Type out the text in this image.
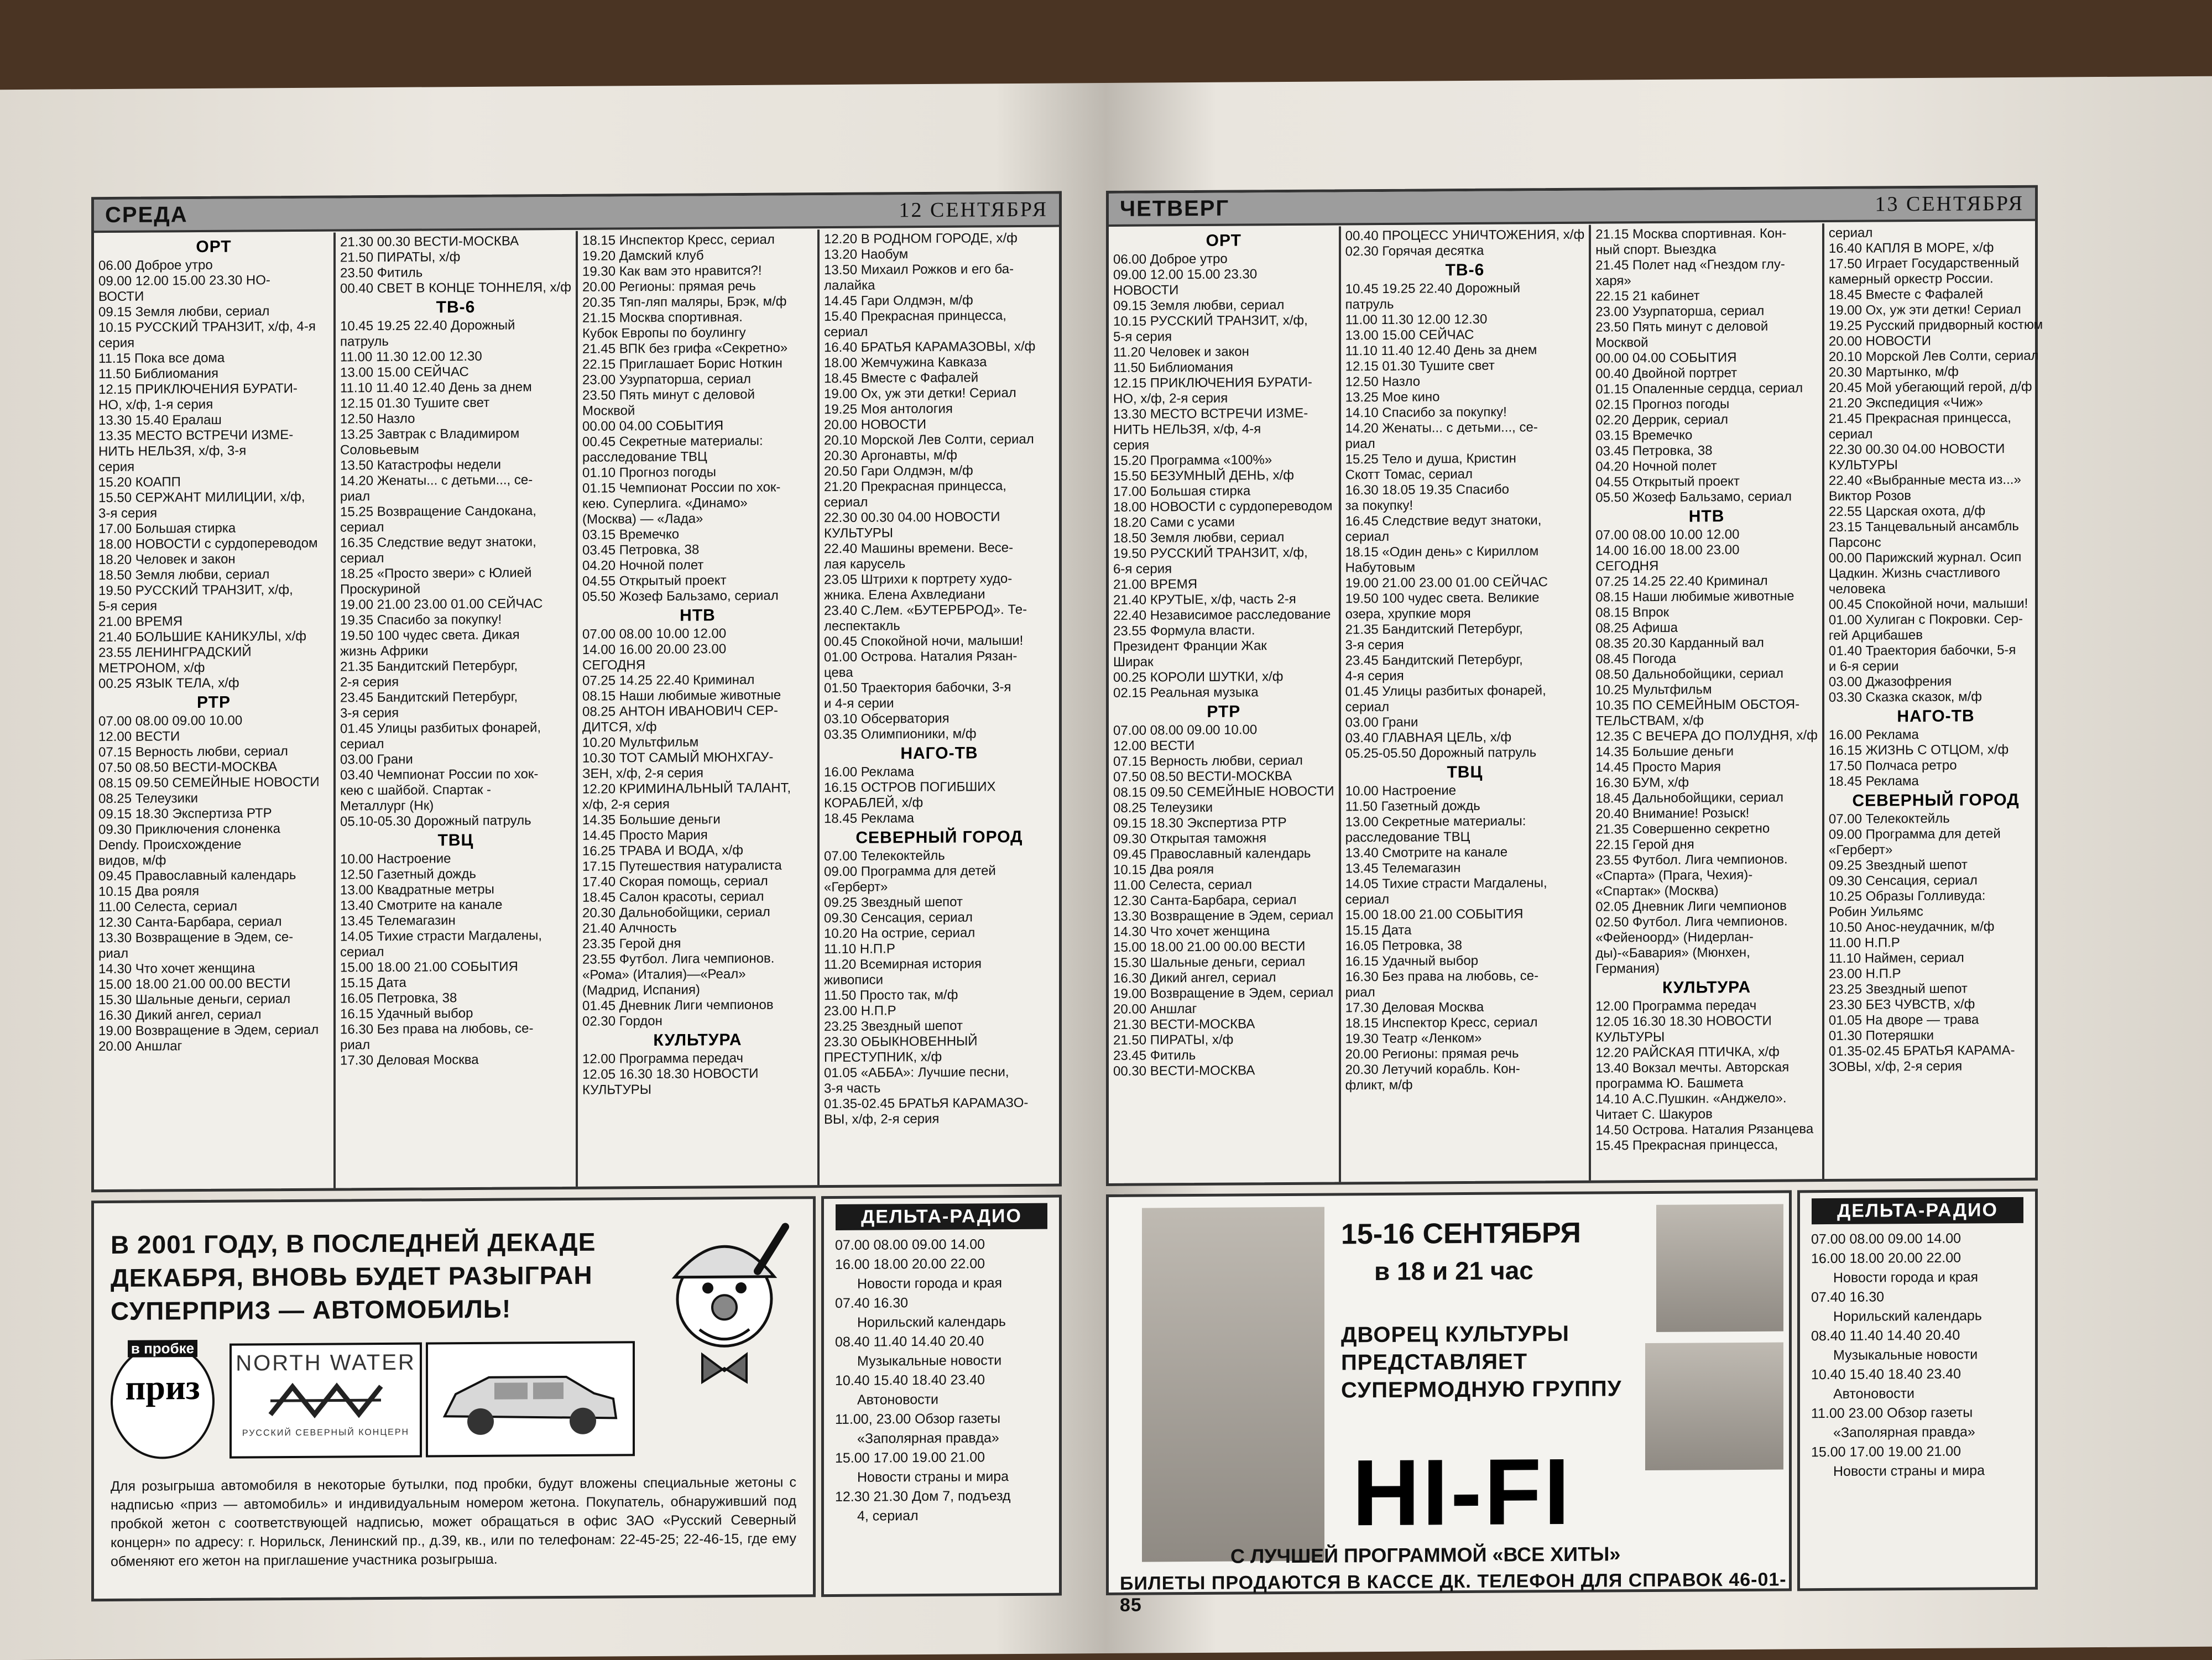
СРЕДА	12 СЕНТЯБРЯ
ОРТ
06.00 Доброе утро
09.00 12.00 15.00 23.30 НО-
ВОСТИ
09.15 Земля любви, сериал
10.15 РУССКИЙ ТРАНЗИТ, х/ф, 4-я
серия
11.15 Пока все дома
11.50 Библиомания
12.15 ПРИКЛЮЧЕНИЯ БУРАТИ-
НО, х/ф, 1-я серия
13.30 15.40 Ералаш
13.35 МЕСТО ВСТРЕЧИ ИЗМЕ-
НИТЬ НЕЛЬЗЯ, х/ф, 3-я
серия
15.20 КОАПП
15.50 СЕРЖАНТ МИЛИЦИИ, х/ф,
3-я серия
17.00 Большая стирка
18.00 НОВОСТИ с сурдопереводом
18.20 Человек и закон
18.50 Земля любви, сериал
19.50 РУССКИЙ ТРАНЗИТ, х/ф,
5-я серия
21.00 ВРЕМЯ
21.40 БОЛЬШИЕ КАНИКУЛЫ, х/ф
23.55 ЛЕНИНГРАДСКИЙ
МЕТРОНОМ, х/ф
00.25 ЯЗЫК ТЕЛА, х/ф
РТР
07.00 08.00 09.00 10.00
12.00 ВЕСТИ
07.15 Верность любви, сериал
07.50 08.50 ВЕСТИ-МОСКВА
08.15 09.50 СЕМЕЙНЫЕ НОВОСТИ
08.25 Телеузики
09.15 18.30 Экспертиза РТР
09.30 Приключения слоненка
Dendy. Происхождение
видов, м/ф
09.45 Православный календарь
10.15 Два рояля
11.00 Селеста, сериал
12.30 Санта-Барбара, сериал
13.30 Возвращение в Эдем, се-
риал
14.30 Что хочет женщина
15.00 18.00 21.00 00.00 ВЕСТИ
15.30 Шальные деньги, сериал
16.30 Дикий ангел, сериал
19.00 Возвращение в Эдем, сериал
20.00 Аншлаг
21.30 00.30 ВЕСТИ-МОСКВА
21.50 ПИРАТЫ, х/ф
23.50 Фитиль
00.40 СВЕТ В КОНЦЕ ТОННЕЛЯ, х/ф
ТВ-6
10.45 19.25 22.40 Дорожный
патруль
11.00 11.30 12.00 12.30
13.00 15.00 СЕЙЧАС
11.10 11.40 12.40 День за днем
12.15 01.30 Тушите свет
12.50 Назло
13.25 Завтрак с Владимиром
Соловьевым
13.50 Катастрофы недели
14.20 Женаты... с детьми..., се-
риал
15.25 Возвращение Сандокана,
сериал
16.35 Следствие ведут знатоки,
сериал
18.25 «Просто звери» с Юлией
Проскуриной
19.00 21.00 23.00 01.00 СЕЙЧАС
19.35 Спасибо за покупку!
19.50 100 чудес света. Дикая
жизнь Африки
21.35 Бандитский Петербург,
2-я серия
23.45 Бандитский Петербург,
3-я серия
01.45 Улицы разбитых фонарей,
сериал
03.00 Грани
03.40 Чемпионат России по хок-
кею с шайбой. Спартак -
Металлург (Нк)
05.10-05.30 Дорожный патруль
ТВЦ
10.00 Настроение
12.50 Газетный дождь
13.00 Квадратные метры
13.40 Смотрите на канале
13.45 Телемагазин
14.05 Тихие страсти Магдалены,
сериал
15.00 18.00 21.00 СОБЫТИЯ
15.15 Дата
16.05 Петровка, 38
16.15 Удачный выбор
16.30 Без права на любовь, се-
риал
17.30 Деловая Москва
18.15 Инспектор Кресс, сериал
19.20 Дамский клуб
19.30 Как вам это нравится?!
20.00 Регионы: прямая речь
20.35 Тяп-ляп маляры, Брэк, м/ф
21.15 Москва спортивная.
Кубок Европы по боулингу
21.45 ВПК без грифа «Секретно»
22.15 Приглашает Борис Ноткин
23.00 Узурпаторша, сериал
23.50 Пять минут с деловой
Москвой
00.00 04.00 СОБЫТИЯ
00.45 Секретные материалы:
расследование ТВЦ
01.10 Прогноз погоды
01.15 Чемпионат России по хок-
кею. Суперлига. «Динамо»
(Москва) — «Лада»
03.15 Времечко
03.45 Петровка, 38
04.20 Ночной полет
04.55 Открытый проект
05.50 Жозеф Бальзамо, сериал
НТВ
07.00 08.00 10.00 12.00
14.00 16.00 20.00 23.00
СЕГОДНЯ
07.25 14.25 22.40 Криминал
08.15 Наши любимые животные
08.25 АНТОН ИВАНОВИЧ СЕР-
ДИТСЯ, х/ф
10.20 Мультфильм
10.30 ТОТ САМЫЙ МЮНХГАУ-
ЗЕН, х/ф, 2-я серия
12.20 КРИМИНАЛЬНЫЙ ТАЛАНТ,
х/ф, 2-я серия
14.35 Большие деньги
14.45 Просто Мария
16.25 ТРАВА И ВОДА, х/ф
17.15 Путешествия натуралиста
17.40 Скорая помощь, сериал
18.45 Салон красоты, сериал
20.30 Дальнобойщики, сериал
21.40 Алчность
23.35 Герой дня
23.55 Футбол. Лига чемпионов.
«Рома» (Италия)—«Реал»
(Мадрид, Испания)
01.45 Дневник Лиги чемпионов
02.30 Гордон
КУЛЬТУРА
12.00 Программа передач
12.05 16.30 18.30 НОВОСТИ
КУЛЬТУРЫ
12.20 В РОДНОМ ГОРОДЕ, х/ф
13.20 Наобум
13.50 Михаил Рожков и его ба-
лалайка
14.45 Гари Олдмэн, м/ф
15.40 Прекрасная принцесса,
сериал
16.40 БРАТЬЯ КАРАМАЗОВЫ, х/ф
18.00 Жемчужина Кавказа
18.45 Вместе с Фафалей
19.00 Ох, уж эти детки! Сериал
19.25 Моя антология
20.00 НОВОСТИ
20.10 Морской Лев Солти, сериал
20.30 Аргонавты, м/ф
20.50 Гари Олдмэн, м/ф
21.20 Прекрасная принцесса,
сериал
22.30 00.30 04.00 НОВОСТИ
КУЛЬТУРЫ
22.40 Машины времени. Весе-
лая карусель
23.05 Штрихи к портрету худо-
жника. Елена Ахвледиани
23.40 С.Лем. «БУТЕРБРОД». Те-
леспектакль
00.45 Спокойной ночи, малыши!
01.00 Острова. Наталия Рязан-
цева
01.50 Траектория бабочки, 3-я
и 4-я серии
03.10 Обсерватория
03.35 Олимпионики, м/ф
НАГО-ТВ
16.00 Реклама
16.15 ОСТРОВ ПОГИБШИХ
КОРАБЛЕЙ, х/ф
18.45 Реклама
СЕВЕРНЫЙ ГОРОД
07.00 Телекоктейль
09.00 Программа для детей
«Герберт»
09.25 Звездный шепот
09.30 Сенсация, сериал
10.20 На острие, сериал
11.10 Н.П.Р
11.20 Всемирная история
живописи
11.50 Просто так, м/ф
23.00 Н.П.Р
23.25 Звездный шепот
23.30 ОБЫКНОВЕННЫЙ
ПРЕСТУПНИК, х/ф
01.05 «АББА»: Лучшие песни,
3-я часть
01.35-02.45 БРАТЬЯ КАРАМАЗО-
ВЫ, х/ф, 2-я серия
В 2001 ГОДУ, В ПОСЛЕДНЕЙ ДЕКАДЕ
ДЕКАБРЯ, ВНОВЬ БУДЕТ РАЗЫГРАН
СУПЕРПРИЗ — АВТОМОБИЛЬ!
в пробке
приз
NORTH WATER
РУССКИЙ СЕВЕРНЫЙ КОНЦЕРН
Для розыгрыша автомобиля в некоторые бутылки, под пробки, будут вложены специальные жетоны с надписью «приз — автомобиль» и индивидуальным номером жетона. Покупатель, обнаруживший под пробкой жетон с соответствующей надписью, может обращаться в офис ЗАО «Русский Северный концерн» по адресу: г. Норильск, Ленинский пр., д.39, кв., или по телефонам: 22-45-25; 22-46-15, где ему обменяют его жетон на приглашение участника розыгрыша.
ДЕЛЬТА-РАДИО
07.00 08.00 09.00 14.00
16.00 18.00 20.00 22.00
Новости города и края
07.40 16.30
Норильский календарь
08.40 11.40 14.40 20.40
Музыкальные новости
10.40 15.40 18.40 23.40
Автоновости
11.00, 23.00 Обзор газеты
«Заполярная правда»
15.00 17.00 19.00 21.00
Новости страны и мира
12.30 21.30 Дом 7, подъезд
4, сериал
ЧЕТВЕРГ	13 СЕНТЯБРЯ
ОРТ
06.00 Доброе утро
09.00 12.00 15.00 23.30
НОВОСТИ
09.15 Земля любви, сериал
10.15 РУССКИЙ ТРАНЗИТ, х/ф,
5-я серия
11.20 Человек и закон
11.50 Библиомания
12.15 ПРИКЛЮЧЕНИЯ БУРАТИ-
НО, х/ф, 2-я серия
13.30 МЕСТО ВСТРЕЧИ ИЗМЕ-
НИТЬ НЕЛЬЗЯ, х/ф, 4-я
серия
15.20 Программа «100%»
15.50 БЕЗУМНЫЙ ДЕНЬ, х/ф
17.00 Большая стирка
18.00 НОВОСТИ с сурдопереводом
18.20 Сами с усами
18.50 Земля любви, сериал
19.50 РУССКИЙ ТРАНЗИТ, х/ф,
6-я серия
21.00 ВРЕМЯ
21.40 КРУТЫЕ, х/ф, часть 2-я
22.40 Независимое расследование
23.55 Формула власти.
Президент Франции Жак
Ширак
00.25 КОРОЛИ ШУТКИ, х/ф
02.15 Реальная музыка
РТР
07.00 08.00 09.00 10.00
12.00 ВЕСТИ
07.15 Верность любви, сериал
07.50 08.50 ВЕСТИ-МОСКВА
08.15 09.50 СЕМЕЙНЫЕ НОВОСТИ
08.25 Телеузики
09.15 18.30 Экспертиза РТР
09.30 Открытая таможня
09.45 Православный календарь
10.15 Два рояля
11.00 Селеста, сериал
12.30 Санта-Барбара, сериал
13.30 Возвращение в Эдем, сериал
14.30 Что хочет женщина
15.00 18.00 21.00 00.00 ВЕСТИ
15.30 Шальные деньги, сериал
16.30 Дикий ангел, сериал
19.00 Возвращение в Эдем, сериал
20.00 Аншлаг
21.30 ВЕСТИ-МОСКВА
21.50 ПИРАТЫ, х/ф
23.45 Фитиль
00.30 ВЕСТИ-МОСКВА
00.40 ПРОЦЕСС УНИЧТОЖЕНИЯ, х/ф
02.30 Горячая десятка
ТВ-6
10.45 19.25 22.40 Дорожный
патруль
11.00 11.30 12.00 12.30
13.00 15.00 СЕЙЧАС
11.10 11.40 12.40 День за днем
12.15 01.30 Тушите свет
12.50 Назло
13.25 Мое кино
14.10 Спасибо за покупку!
14.20 Женаты... с детьми..., се-
риал
15.25 Тело и душа, Кристин
Скотт Томас, сериал
16.30 18.05 19.35 Спасибо
за покупку!
16.45 Следствие ведут знатоки,
сериал
18.15 «Один день» с Кириллом
Набутовым
19.00 21.00 23.00 01.00 СЕЙЧАС
19.50 100 чудес света. Великие
озера, хрупкие моря
21.35 Бандитский Петербург,
3-я серия
23.45 Бандитский Петербург,
4-я серия
01.45 Улицы разбитых фонарей,
сериал
03.00 Грани
03.40 ГЛАВНАЯ ЦЕЛЬ, х/ф
05.25-05.50 Дорожный патруль
ТВЦ
10.00 Настроение
11.50 Газетный дождь
13.00 Секретные материалы:
расследование ТВЦ
13.40 Смотрите на канале
13.45 Телемагазин
14.05 Тихие страсти Магдалены,
сериал
15.00 18.00 21.00 СОБЫТИЯ
15.15 Дата
16.05 Петровка, 38
16.15 Удачный выбор
16.30 Без права на любовь, се-
риал
17.30 Деловая Москва
18.15 Инспектор Кресс, сериал
19.30 Театр «Ленком»
20.00 Регионы: прямая речь
20.30 Летучий корабль. Кон-
фликт, м/ф
21.15 Москва спортивная. Кон-
ный спорт. Выездка
21.45 Полет над «Гнездом глу-
харя»
22.15 21 кабинет
23.00 Узурпаторша, сериал
23.50 Пять минут с деловой
Москвой
00.00 04.00 СОБЫТИЯ
00.40 Двойной портрет
01.15 Опаленные сердца, сериал
02.15 Прогноз погоды
02.20 Деррик, сериал
03.15 Времечко
03.45 Петровка, 38
04.20 Ночной полет
04.55 Открытый проект
05.50 Жозеф Бальзамо, сериал
НТВ
07.00 08.00 10.00 12.00
14.00 16.00 18.00 23.00
СЕГОДНЯ
07.25 14.25 22.40 Криминал
08.15 Наши любимые животные
08.15 Впрок
08.25 Афиша
08.35 20.30 Карданный вал
08.45 Погода
08.50 Дальнобойщики, сериал
10.25 Мультфильм
10.35 ПО СЕМЕЙНЫМ ОБСТОЯ-
ТЕЛЬСТВАМ, х/ф
12.35 С ВЕЧЕРА ДО ПОЛУДНЯ, х/ф
14.35 Большие деньги
14.45 Просто Мария
16.30 БУМ, х/ф
18.45 Дальнобойщики, сериал
20.40 Внимание! Розыск!
21.35 Совершенно секретно
22.15 Герой дня
23.55 Футбол. Лига чемпионов.
«Спарта» (Прага, Чехия)-
«Спартак» (Москва)
02.05 Дневник Лиги чемпионов
02.50 Футбол. Лига чемпионов.
«Фейеноорд» (Нидерлан-
ды)-«Бавария» (Мюнхен,
Германия)
КУЛЬТУРА
12.00 Программа передач
12.05 16.30 18.30 НОВОСТИ
КУЛЬТУРЫ
12.20 РАЙСКАЯ ПТИЧКА, х/ф
13.40 Вокзал мечты. Авторская
программа Ю. Башмета
14.10 А.С.Пушкин. «Анджело».
Читает С. Шакуров
14.50 Острова. Наталия Рязанцева
15.45 Прекрасная принцесса,
сериал
16.40 КАПЛЯ В МОРЕ, х/ф
17.50 Играет Государственный
камерный оркестр России.
18.45 Вместе с Фафалей
19.00 Ох, уж эти детки! Сериал
19.25 Русский придворный костюм
20.00 НОВОСТИ
20.10 Морской Лев Солти, сериал
20.30 Мартынко, м/ф
20.45 Мой убегающий герой, д/ф
21.20 Экспедиция «Чиж»
21.45 Прекрасная принцесса,
сериал
22.30 00.30 04.00 НОВОСТИ
КУЛЬТУРЫ
22.40 «Выбранные места из...»
Виктор Розов
22.55 Царская охота, д/ф
23.15 Танцевальный ансамбль
Парсонс
00.00 Парижский журнал. Осип
Цадкин. Жизнь счастливого
человека
00.45 Спокойной ночи, малыши!
01.00 Хулиган с Покровки. Сер-
гей Арцибашев
01.40 Траектория бабочки, 5-я
и 6-я серии
03.00 Джазофрения
03.30 Сказка сказок, м/ф
НАГО-ТВ
16.00 Реклама
16.15 ЖИЗНЬ С ОТЦОМ, х/ф
17.50 Полчаса ретро
18.45 Реклама
СЕВЕРНЫЙ ГОРОД
07.00 Телекоктейль
09.00 Программа для детей
«Герберт»
09.25 Звездный шепот
09.30 Сенсация, сериал
10.25 Образы Голливуда:
Робин Уильямс
10.50 Анос-неудачник, м/ф
11.00 Н.П.Р
11.10 Наймен, сериал
23.00 Н.П.Р
23.25 Звездный шепот
23.30 БЕЗ ЧУВСТВ, х/ф
01.05 На дворе — трава
01.30 Потеряшки
01.35-02.45 БРАТЬЯ КАРАМА-
ЗОВЫ, х/ф, 2-я серия
15-16 СЕНТЯБРЯ
в 18 и 21 час
ДВОРЕЦ КУЛЬТУРЫ
ПРЕДСТАВЛЯЕТ
СУПЕРМОДНУЮ ГРУППУ
HI-FI
С ЛУЧШЕЙ ПРОГРАММОЙ «ВСЕ ХИТЫ»
БИЛЕТЫ ПРОДАЮТСЯ В КАССЕ ДК. ТЕЛЕФОН ДЛЯ СПРАВОК 46-01-85
ДЕЛЬТА-РАДИО
07.00 08.00 09.00 14.00
16.00 18.00 20.00 22.00
Новости города и края
07.40 16.30
Норильский календарь
08.40 11.40 14.40 20.40
Музыкальные новости
10.40 15.40 18.40 23.40
Автоновости
11.00 23.00 Обзор газеты
«Заполярная правда»
15.00 17.00 19.00 21.00
Новости страны и мира
